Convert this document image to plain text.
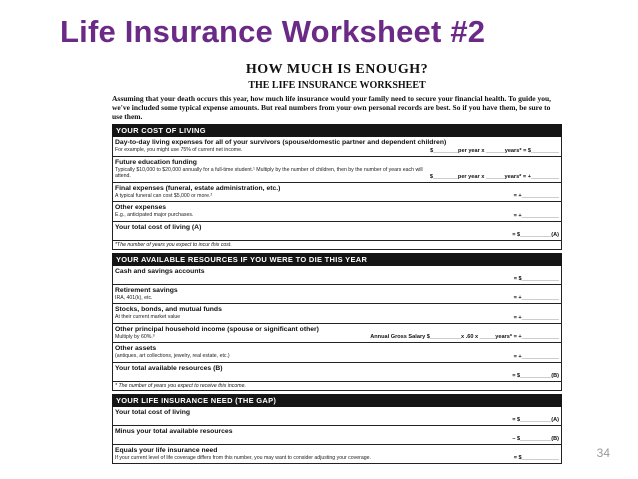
Life Insurance Worksheet #2
HOW MUCH IS ENOUGH?
THE LIFE INSURANCE WORKSHEET
Assuming that your death occurs this year, how much life insurance would your family need to secure your financial health. To guide you, we've included some typical expense amounts. But real numbers from your own personal records are best. So if you have them, be sure to use them.
YOUR COST OF LIVING
Day-to-day living expenses for all of your survivors (spouse/domestic partner and dependent children)
For example, you might use 75% of current net income.	$________per year x ______years* = $_________
Future education funding
Typically $10,000 to $20,000 annually for a full-time student.¹ Multiply by the number of children, then by the number of years each will attend.	$________per year x ______years* = +_________
Final expenses (funeral, estate administration, etc.)
A typical funeral can cost $5,000 or more.²	= +____________
Other expenses
E.g., anticipated major purchases.	= +____________
Your total cost of living (A)
= $__________(A)
*The number of years you expect to incur this cost.
YOUR AVAILABLE RESOURCES IF YOU WERE TO DIE THIS YEAR
Cash and savings accounts
= $____________
Retirement savings
IRA, 401(k), etc.	= +____________
Stocks, bonds, and mutual funds
At their current market value	= +____________
Other principal household income (spouse or significant other)
Multiply by 60%.³	Annual Gross Salary $__________x .60 x _____years* = +____________
Other assets
(antiques, art collections, jewelry, real estate, etc.)	= +____________
Your total available resources (B)
= $__________(B)
* The number of years you expect to receive this income.
YOUR LIFE INSURANCE NEED (THE GAP)
Your total cost of living
= $__________(A)
Minus your total available resources
– $__________(B)
Equals your life insurance need
If your current level of life coverage differs from this number, you may want to consider adjusting your coverage.	= $____________	34
